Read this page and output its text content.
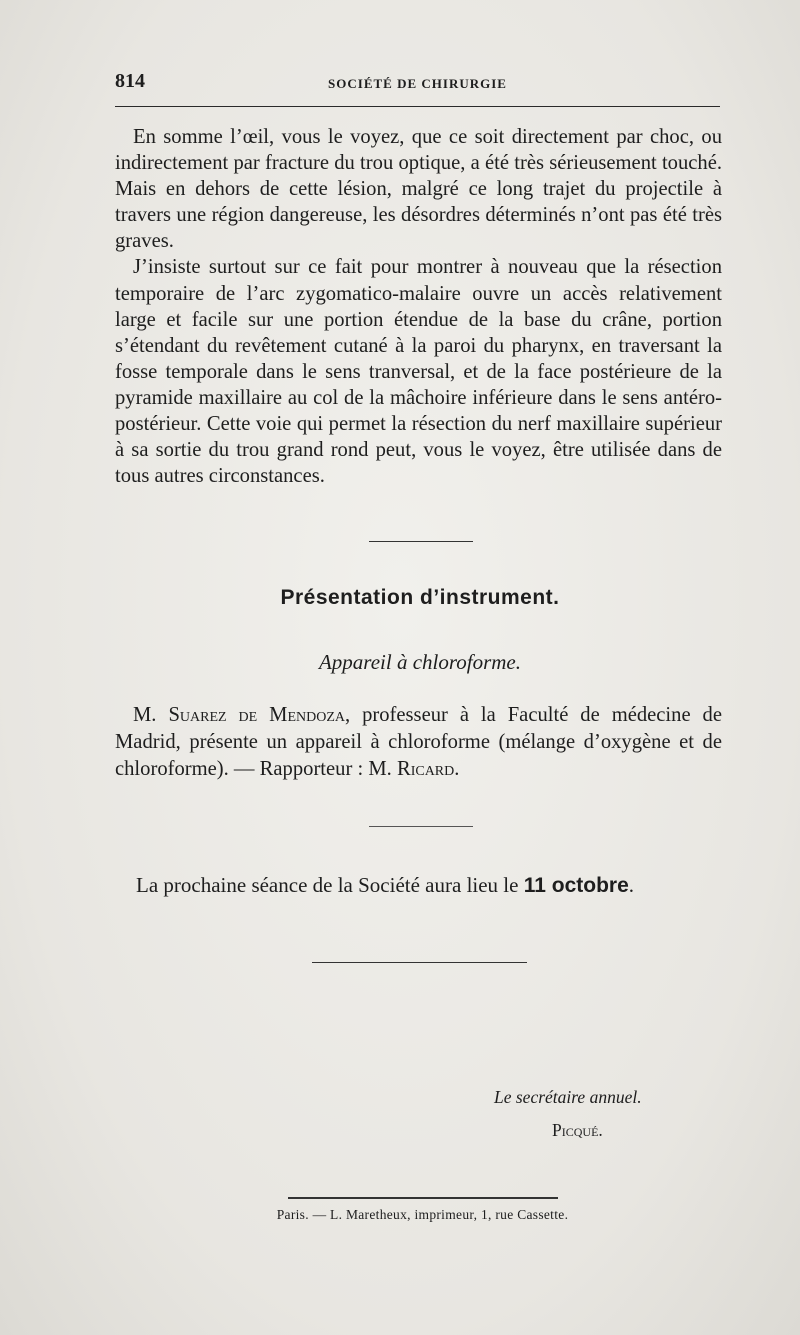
814	SOCIÉTÉ DE CHIRURGIE

En somme l’œil, vous le voyez, que ce soit directement par choc, ou indirectement par fracture du trou optique, a été très sérieusement touché. Mais en dehors de cette lésion, malgré ce long trajet du projectile à travers une région dangereuse, les désordres déterminés n’ont pas été très graves.

J’insiste surtout sur ce fait pour montrer à nouveau que la résection temporaire de l’arc zygomatico-malaire ouvre un accès relativement large et facile sur une portion étendue de la base du crâne, portion s’étendant du revêtement cutané à la paroi du pharynx, en traversant la fosse temporale dans le sens tranversal, et de la face postérieure de la pyramide maxillaire au col de la mâchoire inférieure dans le sens antéro-postérieur. Cette voie qui permet la résection du nerf maxillaire supérieur à sa sortie du trou grand rond peut, vous le voyez, être utilisée dans de tous autres circonstances.

Présentation d’instrument.
Appareil à chloroforme.

M. Suarez de Mendoza, professeur à la Faculté de médecine de Madrid, présente un appareil à chloroforme (mélange d’oxygène et de chloroforme). — Rapporteur : M. Ricard.

La prochaine séance de la Société aura lieu le 11 octobre.
Le secrétaire annuel.
Picqué.
Paris. — L. Maretheux, imprimeur, 1, rue Cassette.
